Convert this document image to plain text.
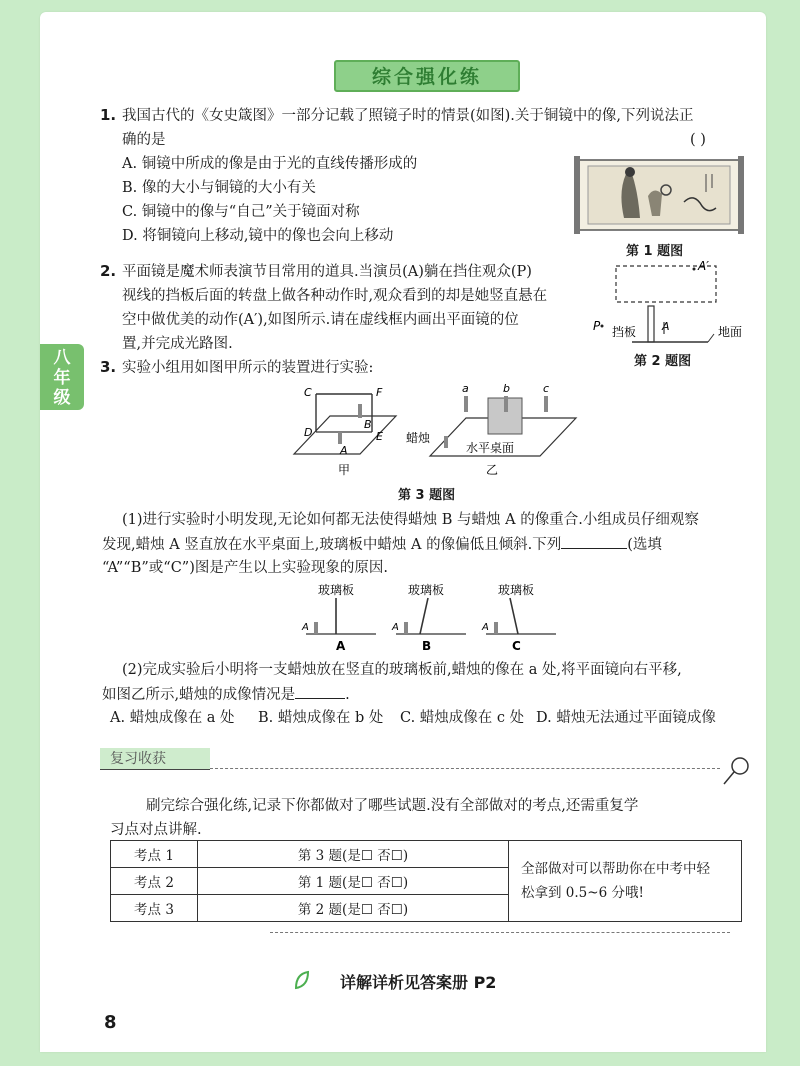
八
年
级
综合强化练
1. 我国古代的《女史箴图》一部分记载了照镜子时的情景(如图).关于铜镜中的像,下列说法正
确的是	( )
A. 铜镜中所成的像是由于光的直线传播形成的
B. 像的大小与铜镜的大小有关
C. 铜镜中的像与“自己”关于镜面对称
D. 将铜镜向上移动,镜中的像也会向上移动
第 1 题图
2. 平面镜是魔术师表演节目常用的道具.当演员(A)躺在挡住观众(P)
视线的挡板后面的转盘上做各种动作时,观众看到的却是她竖直悬在
空中做优美的动作(A′),如图所示.请在虚线框内画出平面镜的位
置,并完成光路图.
A′
P 挡板 A	地面
第 2 题图
3. 实验小组用如图甲所示的装置进行实验:
C	F
D	E
B
A
甲
a	b	c
蜡烛
水平桌面
乙
第 3 题图
(1)进行实验时小明发现,无论如何都无法使得蜡烛 B 与蜡烛 A 的像重合.小组成员仔细观察
发现,蜡烛 A 竖直放在水平桌面上,玻璃板中蜡烛 A 的像偏低且倾斜.下列	(选填
“A”“B”或“C”)图是产生以上实验现象的原因.
玻璃板
A
A
玻璃板
A
B
玻璃板
A
C
(2)完成实验后小明将一支蜡烛放在竖直的玻璃板前,蜡烛的像在 a 处,将平面镜向右平移,
如图乙所示,蜡烛的成像情况是	.
A. 蜡烛成像在 a 处 B. 蜡烛成像在 b 处 C. 蜡烛成像在 c 处 D. 蜡烛无法通过平面镜成像
复习收获
刷完综合强化练,记录下你都做对了哪些试题.没有全部做对的考点,还需重复学
习点对点讲解.
考点 1	第 3 题(是☐ 否☐)	全部做对可以帮助你在中考中轻
松拿到 0.5~6 分哦!

考点 2	第 1 题(是☐ 否☐)	
考点 3	第 2 题(是☐ 否☐)	
详解详析见答案册 P2
8
